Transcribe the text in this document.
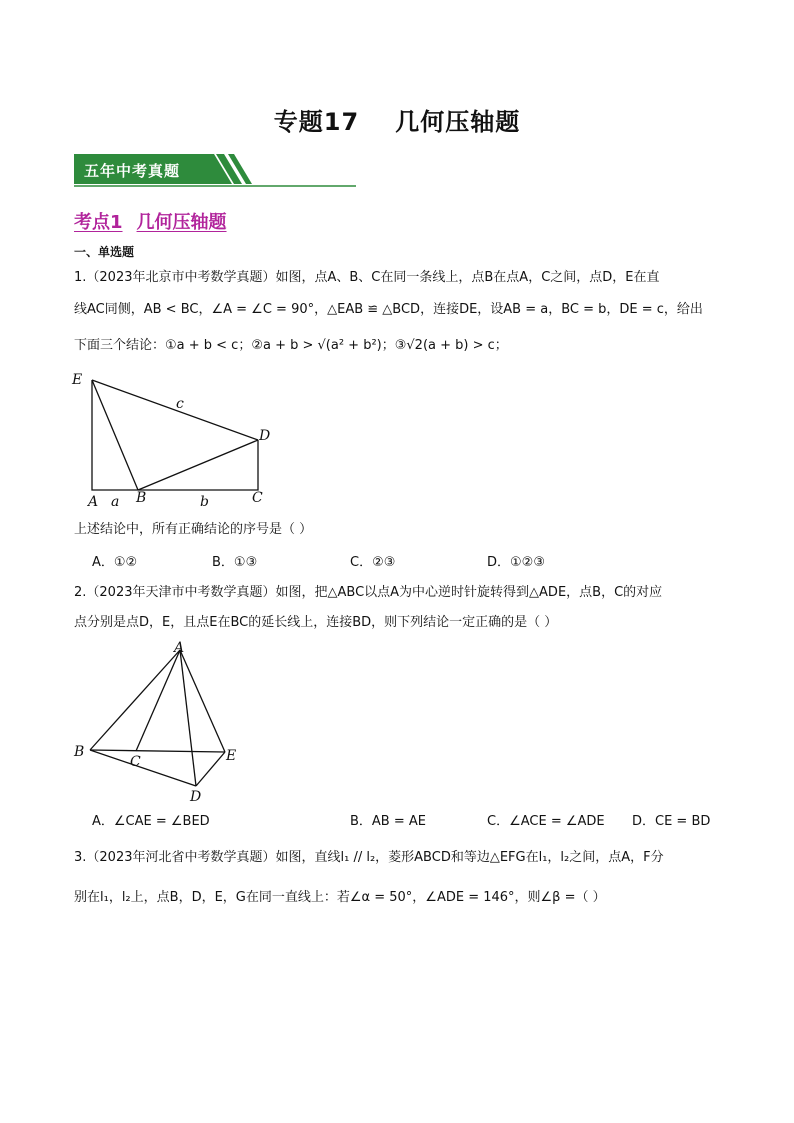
专题17 几何压轴题
五年中考真题
考点1 几何压轴题
一、单选题
1.（2023年北京市中考数学真题）如图，点A、B、C在同一条线上，点B在点A，C之间，点D，E在直
线AC同侧，AB < BC，∠A = ∠C = 90°，△EAB ≌ △BCD，连接DE，设AB = a，BC = b，DE = c，给出
下面三个结论：①a + b < c；②a + b > √(a² + b²)；③√2(a + b) > c；
E
c
D
A a B	b	C
上述结论中，所有正确结论的序号是（ ）
A．①②	B．①③	C．②③	D．①②③
2.（2023年天津市中考数学真题）如图，把△ABC以点A为中心逆时针旋转得到△ADE，点B，C的对应
点分别是点D，E，且点E在BC的延长线上，连接BD，则下列结论一定正确的是（ ）
A
B
C	E
D
A．∠CAE = ∠BED	B．AB = AE	C．∠ACE = ∠ADE D．CE = BD
3.（2023年河北省中考数学真题）如图，直线l₁ // l₂，菱形ABCD和等边△EFG在l₁，l₂之间，点A，F分
别在l₁，l₂上，点B，D，E，G在同一直线上：若∠α = 50°，∠ADE = 146°，则∠β =（ ）
